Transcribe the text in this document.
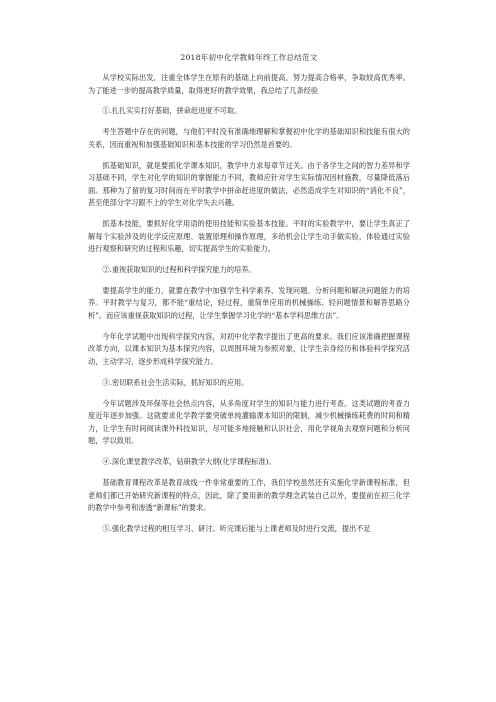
2018年初中化学教师年终工作总结范文

从学校实际出发，注重全体学生在原有的基础上向前提高，努力提高合格率，争取较高优秀率。为了能进一步的提高教学质量，取得更好的教学效果，我总结了几条经验

①.扎扎实实打好基础，拼命赶进度不可取。

考生答题中存在的问题，与他们平时没有准确地理解和掌握初中化学的基础知识和技能有很大的关系，因而重视和加强基础知识和基本技能的学习仍然是首要的。

抓基础知识，就是要抓化学课本知识，教学中力求每章节过关。由于各学生之间的智力差异和学习基础不同，学生对化学的知识的掌握能力不同，教师应针对学生实际情况因材施教，尽量降低落后面。那种为了留的复习时间而在平时教学中拼命赶进度的做法，必然造成学生对知识的“消化不良”，甚至使部分学习跟不上的学生对化学失去兴趣。

抓基本技能，要抓好化学用语的使用技能和实验基本技能。平时的实验教学中，要让学生真正了解每个实验涉及的化学反应原理、装置原理和操作原理，多给机会让学生动手做实验，体验通过实验进行观察和研究的过程和乐趣，切实提高学生的实验能力。

②.重视获取知识的过程和科学探究能力的培养。

要提高学生的能力，就要在教学中加强学生科学素养、发现问题、分析问题和解决问题能力的培养。平时教学与复习，都不能“重结论，轻过程，重简单应用的机械操练、轻问题情景和解答思路分析”。而应该重视获取知识的过程，让学生掌握学习化学的“基本学科思维方法”。

今年化学试题中出现科学探究内容，对初中化学教学提出了更高的要求。我们应该准确把握课程改革方向，以课本知识为基本探究内容，以周围环境为参照对象，让学生亲身经历和体验科学探究活动，主动学习，逐步形成科学探究能力。

③.密切联系社会生活实际，抓好知识的应用。

今年试题涉及环保等社会热点内容，从多角度对学生的知识与能力进行考查。这类试题的考查力度近年逐步加强。这就要求化学教学要突破单纯灌输课本知识的限制，减少机械操练耗费的时间和精力，让学生有时间阅读课外科技知识，尽可能多地接触和认识社会，用化学视角去观察问题和分析问题，学以致用。

④.深化课堂教学改革，钻研教学大纲(化学课程标准)。

基础教育课程改革是教育战线一件非常重要的工作，我们学校虽然还有实施化学新课程标准，但老师们都已开始研究新课程的特点，因此，除了要用新的教学理念武装自己以外，要提前在初三化学的教学中参考和渗透“新课标”的要求。

⑤.强化教学过程的相互学习、研讨。听完课后能与上课老师及时进行交流，提出不足
